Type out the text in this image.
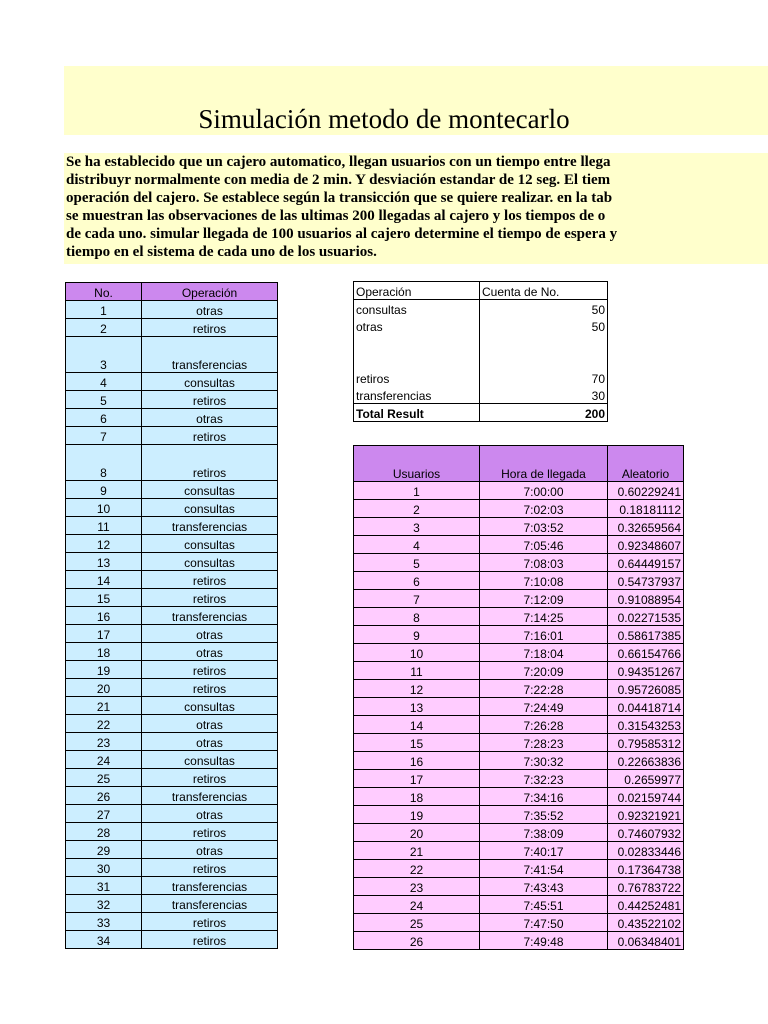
Simulación metodo de montecarlo
Se ha establecido que un cajero automatico, llegan usuarios con un tiempo entre llega
distribuyr normalmente con media de 2 min. Y desviación estandar de 12 seg. El tiem
operación del cajero. Se establece según la transicción que se quiere realizar. en la tab
se muestran las observaciones de las ultimas 200 llegadas al cajero y los tiempos de o
de cada uno. simular llegada de 100 usuarios al cajero determine el tiempo de espera y
tiempo en el sistema de cada uno de los usuarios.
No.	Operación
1	otras
2	retiros
3	transferencias
4	consultas
5	retiros
6	otras
7	retiros
8	retiros
9	consultas
10	consultas
11	transferencias
12	consultas
13	consultas
14	retiros
15	retiros
16	transferencias
17	otras
18	otras
19	retiros
20	retiros
21	consultas
22	otras
23	otras
24	consultas
25	retiros
26	transferencias
27	otras
28	retiros
29	otras
30	retiros
31	transferencias
32	transferencias
33	retiros
34	retiros
Operación	Cuenta de No.
consultas	50
otras	50

retiros	70
transferencias	30
Total Result	200
Usuarios	Hora de llegada	Aleatorio
1	7:00:00	0.60229241
2	7:02:03	0.18181112
3	7:03:52	0.32659564
4	7:05:46	0.92348607
5	7:08:03	0.64449157
6	7:10:08	0.54737937
7	7:12:09	0.91088954
8	7:14:25	0.02271535
9	7:16:01	0.58617385
10	7:18:04	0.66154766
11	7:20:09	0.94351267
12	7:22:28	0.95726085
13	7:24:49	0.04418714
14	7:26:28	0.31543253
15	7:28:23	0.79585312
16	7:30:32	0.22663836
17	7:32:23	0.2659977
18	7:34:16	0.02159744
19	7:35:52	0.92321921
20	7:38:09	0.74607932
21	7:40:17	0.02833446
22	7:41:54	0.17364738
23	7:43:43	0.76783722
24	7:45:51	0.44252481
25	7:47:50	0.43522102
26	7:49:48	0.06348401
